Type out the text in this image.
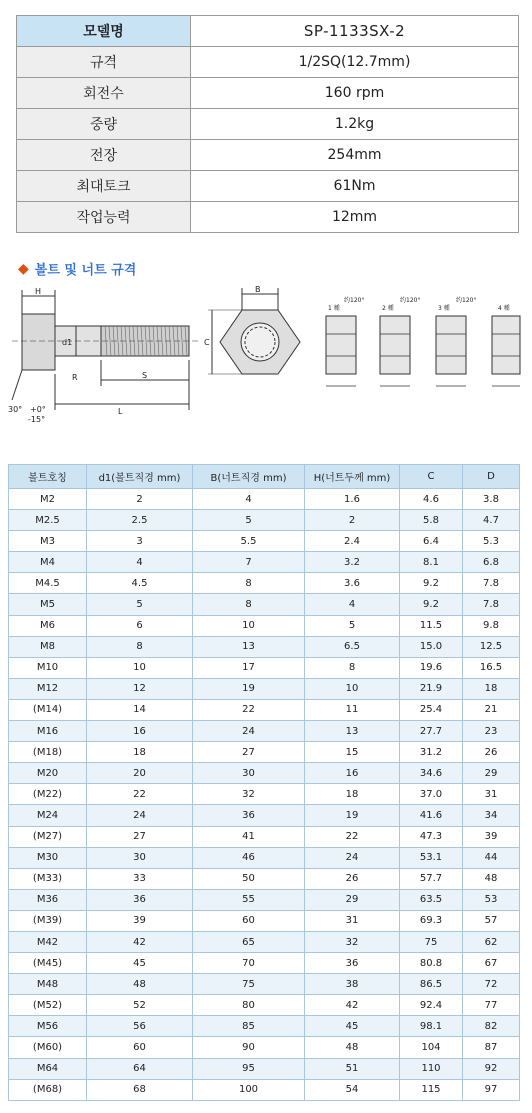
모델명	SP-1133SX-2
규격	1/2SQ(12.7mm)
회전수	160 rpm
중량	1.2kg
전장	254mm
최대토크	61Nm
작업능력	12mm
◆ 볼트 및 너트 규격
H
d1
R	S
L
30° +0°
-15°
B
C
1 種	2 種	3 種	4 種
约120°	约120°	约120°
볼트호칭	d1(볼트직경 mm)	B(너트직경 mm)	H(너트두께 mm)	C	D
M2	2	4	1.6	4.6	3.8
M2.5	2.5	5	2	5.8	4.7
M3	3	5.5	2.4	6.4	5.3
M4	4	7	3.2	8.1	6.8
M4.5	4.5	8	3.6	9.2	7.8
M5	5	8	4	9.2	7.8
M6	6	10	5	11.5	9.8
M8	8	13	6.5	15.0	12.5
M10	10	17	8	19.6	16.5
M12	12	19	10	21.9	18
(M14)	14	22	11	25.4	21
M16	16	24	13	27.7	23
(M18)	18	27	15	31.2	26
M20	20	30	16	34.6	29
(M22)	22	32	18	37.0	31
M24	24	36	19	41.6	34
(M27)	27	41	22	47.3	39
M30	30	46	24	53.1	44
(M33)	33	50	26	57.7	48
M36	36	55	29	63.5	53
(M39)	39	60	31	69.3	57
M42	42	65	32	75	62
(M45)	45	70	36	80.8	67
M48	48	75	38	86.5	72
(M52)	52	80	42	92.4	77
M56	56	85	45	98.1	82
(M60)	60	90	48	104	87
M64	64	95	51	110	92
(M68)	68	100	54	115	97
